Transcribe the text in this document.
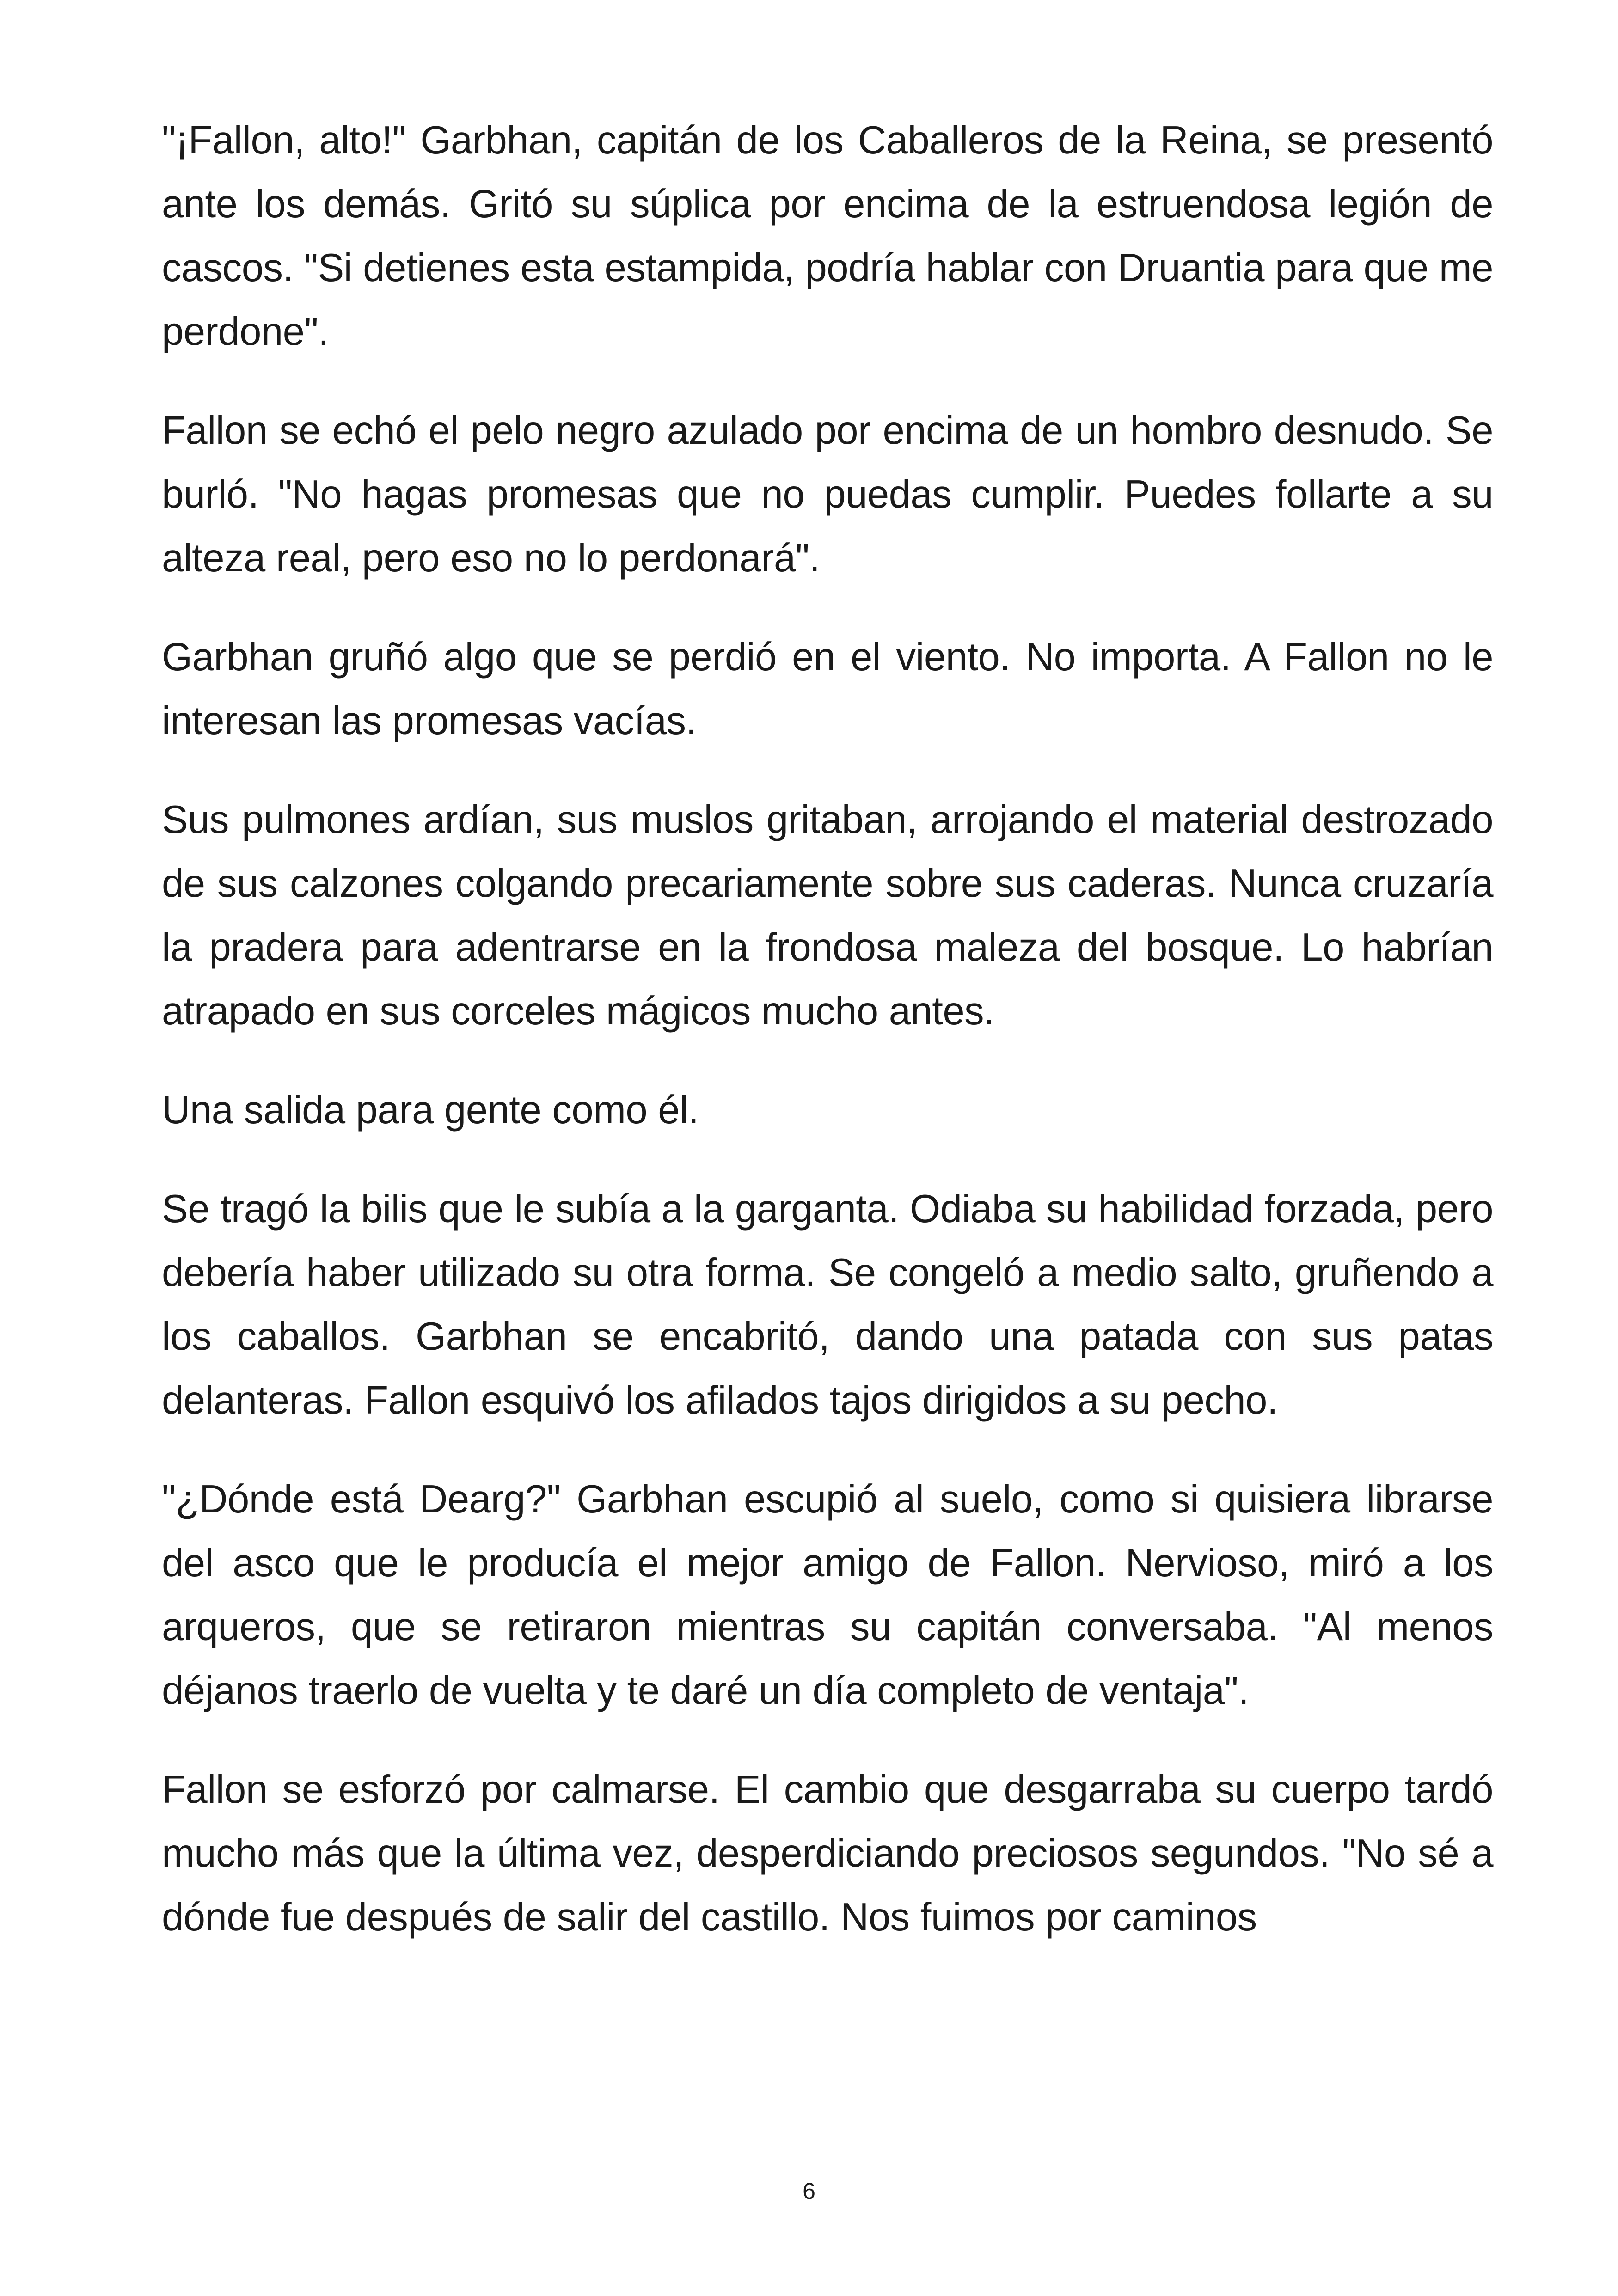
"¡Fallon, alto!" Garbhan, capitán de los Caballeros de la Reina, se presentó ante los demás. Gritó su súplica por encima de la estruendosa legión de cascos. "Si detienes esta estampida, podría hablar con Druantia para que me perdone".

Fallon se echó el pelo negro azulado por encima de un hombro desnudo. Se burló. "No hagas promesas que no puedas cumplir. Puedes follarte a su alteza real, pero eso no lo perdonará".

Garbhan gruñó algo que se perdió en el viento. No importa. A Fallon no le interesan las promesas vacías.

Sus pulmones ardían, sus muslos gritaban, arrojando el material destrozado de sus calzones colgando precariamente sobre sus caderas. Nunca cruzaría la pradera para adentrarse en la frondosa maleza del bosque. Lo habrían atrapado en sus corceles mágicos mucho antes.

Una salida para gente como él.

Se tragó la bilis que le subía a la garganta. Odiaba su habilidad forzada, pero debería haber utilizado su otra forma. Se congeló a medio salto, gruñendo a los caballos. Garbhan se encabritó, dando una patada con sus patas delanteras. Fallon esquivó los afilados tajos dirigidos a su pecho.

"¿Dónde está Dearg?" Garbhan escupió al suelo, como si quisiera librarse del asco que le producía el mejor amigo de Fallon. Nervioso, miró a los arqueros, que se retiraron mientras su capitán conversaba. "Al menos déjanos traerlo de vuelta y te daré un día completo de ventaja".

Fallon se esforzó por calmarse. El cambio que desgarraba su cuerpo tardó mucho más que la última vez, desperdiciando preciosos segundos. "No sé a dónde fue después de salir del castillo. Nos fuimos por caminos

6
